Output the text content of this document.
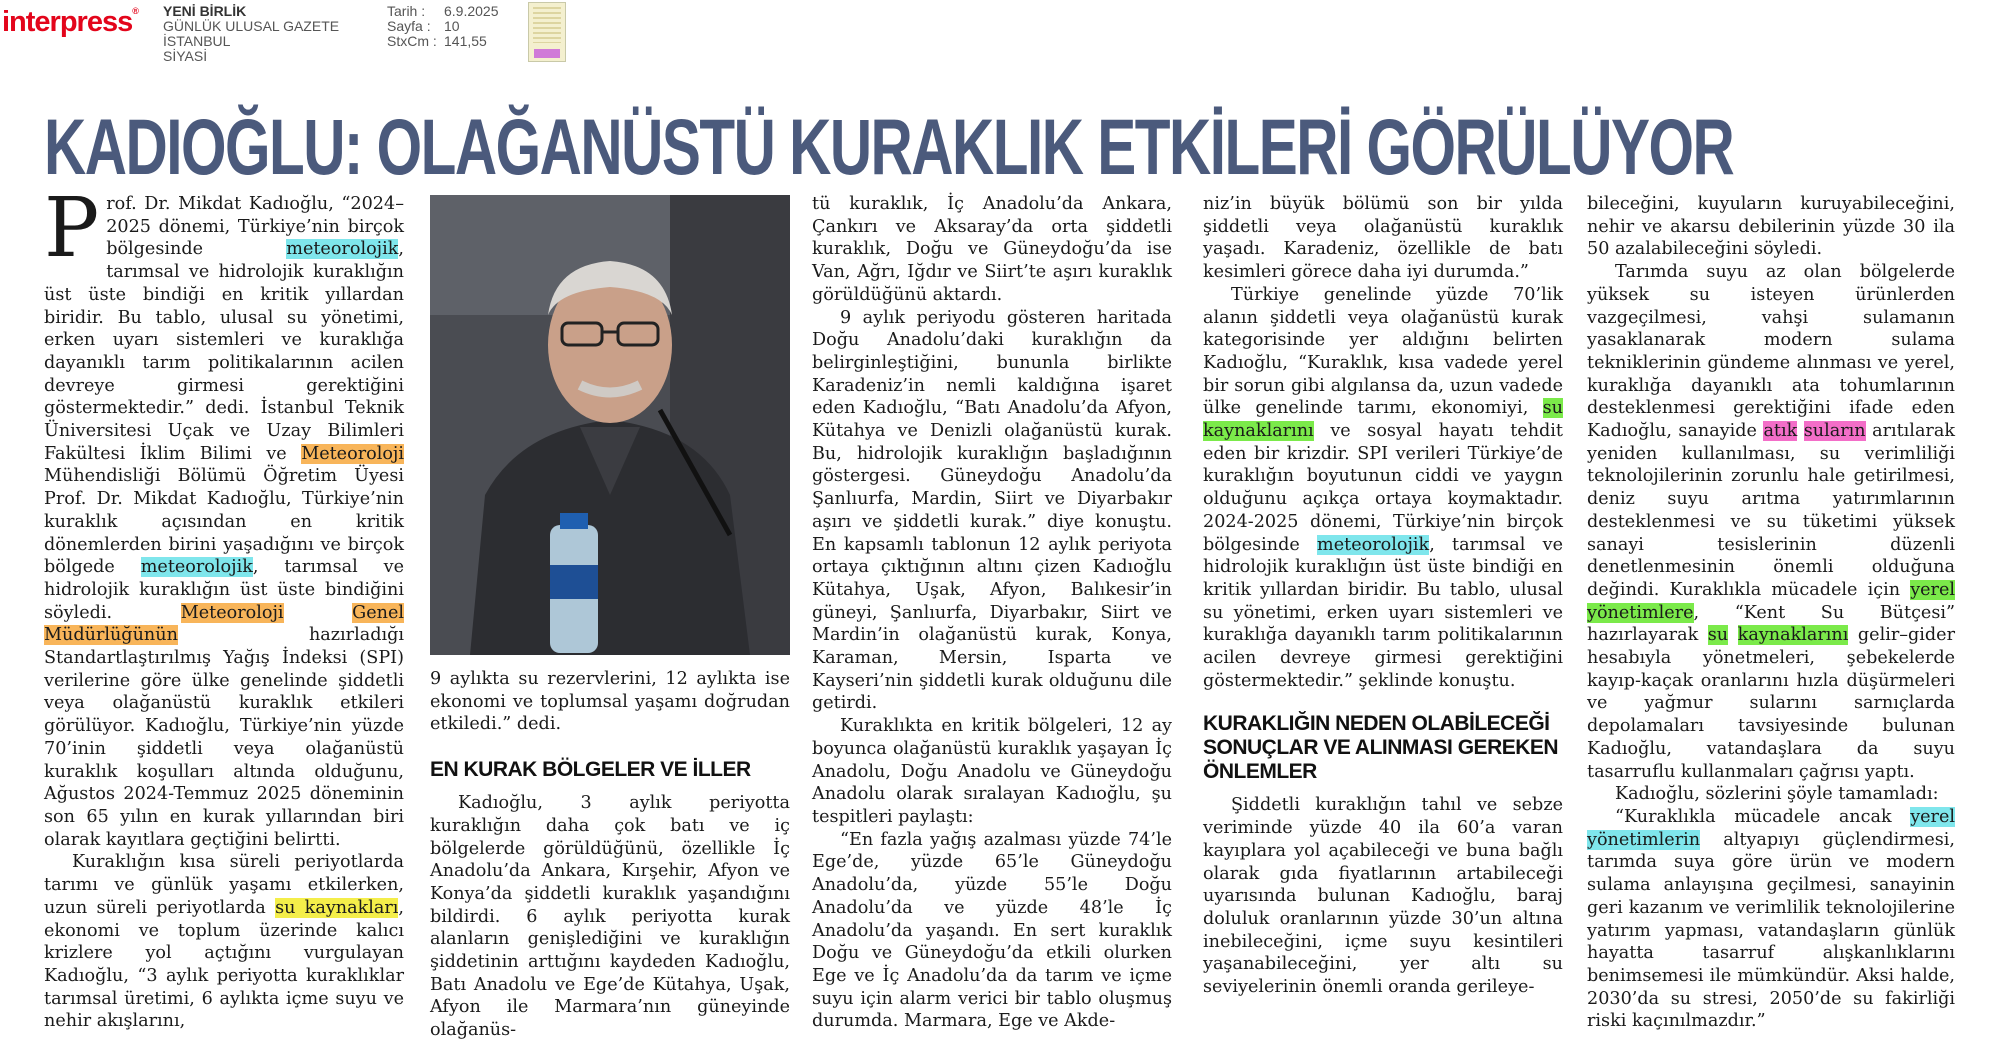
interpress® YENİ BİRLİK
GÜNLÜK ULUSAL GAZETE
İSTANBUL
SİYASİ
Tarih :	6.9.2025
Sayfa : 10
StxCm : 141,55
KADIOĞLU: OLAĞANÜSTÜ KURAKLIK ETKİLERİ GÖRÜLÜYOR

Prof. Dr. Mikdat Kadıoğlu, “2024–2025 dönemi, Türkiye’nin birçok bölgesinde meteorolojik, tarımsal ve hidrolojik kuraklığın üst üste bindiği en kritik yıllardan biridir. Bu tablo, ulusal su yönetimi, erken uyarı sistemleri ve kuraklığa dayanıklı tarım politikalarının acilen devreye girmesi gerektiğini göstermektedir.” dedi. İstanbul Teknik Üniversitesi Uçak ve Uzay Bilimleri Fakültesi İklim Bilimi ve Meteoroloji Mühendisliği Bölümü Öğretim Üyesi Prof. Dr. Mikdat Kadıoğlu, Türkiye’nin kuraklık açısından en kritik dönemlerden birini yaşadığını ve birçok bölgede meteorolojik, tarımsal ve hidrolojik kuraklığın üst üste bindiğini söyledi. Meteoroloji	Genel Müdürlüğünün hazırladığı Standartlaştırılmış Yağış İndeksi (SPI) verilerine göre ülke genelinde şiddetli veya olağanüstü kuraklık etkileri görülüyor. Kadıoğlu, Türkiye’nin yüzde 70’inin şiddetli veya olağanüstü kuraklık koşulları altında olduğunu, Ağustos 2024-Temmuz 2025 döneminin son 65 yılın en kurak yıllarından biri olarak kayıtlara geçtiğini belirtti.

Kuraklığın kısa süreli periyotlarda tarımı ve günlük yaşamı etkilerken, uzun süreli periyotlarda su kaynakları, ekonomi ve toplum üzerinde kalıcı krizlere yol açtığını vurgulayan Kadıoğlu, “3 aylık periyotta kuraklıklar tarımsal üretimi, 6 aylıkta içme suyu ve nehir akışlarını,

9 aylıkta su rezervlerini, 12 aylıkta ise ekonomi ve toplumsal yaşamı doğrudan etkiledi.” dedi.

EN KURAK BÖLGELER VE İLLER

Kadıoğlu, 3 aylık periyotta kuraklığın daha çok batı ve iç bölgelerde görüldüğünü, özellikle İç Anadolu’da Ankara, Kırşehir, Afyon ve Konya’da şiddetli kuraklık yaşandığını bildirdi. 6 aylık periyotta kurak alanların genişlediğini ve kuraklığın şiddetinin arttığını kaydeden Kadıoğlu, Batı Anadolu ve Ege’de Kütahya, Uşak, Afyon ile Marmara’nın güneyinde olağanüs-

tü kuraklık, İç Anadolu’da Ankara, Çankırı ve Aksaray’da orta şiddetli kuraklık, Doğu ve Güneydoğu’da ise Van, Ağrı, Iğdır ve Siirt’te aşırı kuraklık görüldüğünü aktardı.

9 aylık periyodu gösteren haritada Doğu Anadolu’daki kuraklığın da belirginleştiğini, bununla birlikte Karadeniz’in nemli kaldığına işaret eden Kadıoğlu, “Batı Anadolu’da Afyon, Kütahya ve Denizli olağanüstü kurak. Bu, hidrolojik kuraklığın başladığının göstergesi. Güneydoğu Anadolu’da Şanlıurfa, Mardin, Siirt ve Diyarbakır aşırı ve şiddetli kurak.” diye konuştu. En kapsamlı tablonun 12 aylık periyota ortaya çıktığının altını çizen Kadıoğlu Kütahya, Uşak, Afyon, Balıkesir’in güneyi, Şanlıurfa, Diyarbakır, Siirt ve Mardin’in olağanüstü kurak, Konya, Karaman, Mersin, Isparta ve Kayseri’nin şiddetli kurak olduğunu dile getirdi.

Kuraklıkta en kritik bölgeleri, 12 ay boyunca olağanüstü kuraklık yaşayan İç Anadolu, Doğu Anadolu ve Güneydoğu Anadolu olarak sıralayan Kadıoğlu, şu tespitleri paylaştı:

“En fazla yağış azalması yüzde 74’le Ege’de, yüzde 65’le Güneydoğu Anadolu’da, yüzde 55’le Doğu Anadolu’da ve yüzde 48’le İç Anadolu’da yaşandı. En sert kuraklık Doğu ve Güneydoğu’da etkili olurken Ege ve İç Anadolu’da da tarım ve içme suyu için alarm verici bir tablo oluşmuş durumda. Marmara, Ege ve Akde-

niz’in büyük bölümü son bir yılda şiddetli veya olağanüstü kuraklık yaşadı. Karadeniz, özellikle de batı kesimleri görece daha iyi durumda.”

Türkiye genelinde yüzde 70’lik alanın şiddetli veya olağanüstü kurak kategorisinde yer aldığını belirten Kadıoğlu, “Kuraklık, kısa vadede yerel bir sorun gibi algılansa da, uzun vadede ülke genelinde tarımı, ekonomiyi, su kaynaklarını ve sosyal hayatı tehdit eden bir krizdir. SPI verileri Türkiye’de kuraklığın boyutunun ciddi ve yaygın olduğunu açıkça ortaya koymaktadır. 2024-2025 dönemi, Türkiye’nin birçok bölgesinde meteorolojik, tarımsal ve hidrolojik kuraklığın üst üste bindiği en kritik yıllardan biridir. Bu tablo, ulusal su yönetimi, erken uyarı sistemleri ve kuraklığa dayanıklı tarım politikalarının acilen devreye girmesi gerektiğini göstermektedir.” şeklinde konuştu.

KURAKLIĞIN NEDEN OLABİLECEĞİ SONUÇLAR VE ALINMASI GEREKEN ÖNLEMLER

Şiddetli kuraklığın tahıl ve sebze veriminde yüzde 40 ila 60’a varan kayıplara yol açabileceği ve buna bağlı olarak gıda fiyatlarının artabileceği uyarısında bulunan Kadıoğlu, baraj doluluk oranlarının yüzde 30’un altına inebileceğini, içme suyu kesintileri yaşanabileceğini, yer altı su seviyelerinin önemli oranda gerileye-

bileceğini, kuyuların kuruyabileceğini, nehir ve akarsu debilerinin yüzde 30 ila 50 azalabileceğini söyledi.

Tarımda suyu az olan bölgelerde yüksek su isteyen ürünlerden vazgeçilmesi, vahşi sulamanın yasaklanarak modern sulama tekniklerinin gündeme alınması ve yerel, kuraklığa dayanıklı ata tohumlarının desteklenmesi gerektiğini ifade eden Kadıoğlu, sanayide atık suların arıtılarak yeniden kullanılması, su verimliliği teknolojilerinin zorunlu hale getirilmesi, deniz suyu arıtma yatırımlarının desteklenmesi ve su tüketimi yüksek sanayi tesislerinin düzenli denetlenmesinin önemli olduğuna değindi. Kuraklıkla mücadele için yerel yönetimlere, “Kent Su Bütçesi” hazırlayarak su kaynaklarını gelir–gider hesabıyla yönetmeleri, şebekelerde kayıp-kaçak oranlarını hızla düşürmeleri ve yağmur sularını sarnıçlarda depolamaları tavsiyesinde bulunan Kadıoğlu, vatandaşlara da suyu tasarruflu kullanmaları çağrısı yaptı.

Kadıoğlu, sözlerini şöyle tamamladı:

“Kuraklıkla mücadele ancak yerel yönetimlerin altyapıyı güçlendirmesi, tarımda suya göre ürün ve modern sulama anlayışına geçilmesi, sanayinin geri kazanım ve verimlilik teknolojilerine yatırım yapması, vatandaşların günlük hayatta tasarruf alışkanlıklarını benimsemesi ile mümkündür. Aksi halde, 2030’da su stresi, 2050’de su fakirliği riski kaçınılmazdır.”
